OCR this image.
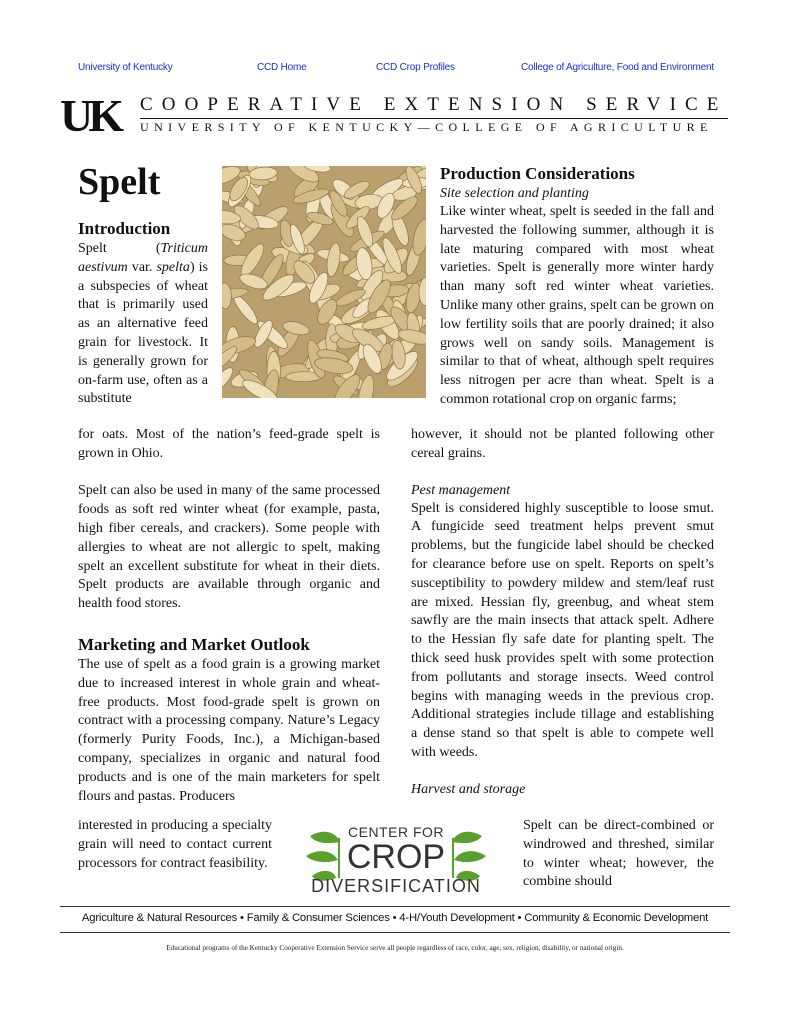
University of Kentucky	CCD Home	CCD Crop Profiles	College of Agriculture, Food and Environment
UK COOPERATIVE EXTENSION SERVICE
UNIVERSITY OF KENTUCKY—COLLEGE OF AGRICULTURE
Spelt
Introduction

Spelt (Triticum aestivum var. spelta) is a subspecies of wheat that is primarily used as an alternative feed grain for livestock. It is generally grown for on-farm use, often as a substitute

for oats. Most of the nation’s feed-grade spelt is grown in Ohio.

Spelt can also be used in many of the same processed foods as soft red winter wheat (for example, pasta, high fiber cereals, and crackers). Some people with allergies to wheat are not allergic to spelt, making spelt an excellent substitute for wheat in their diets. Spelt products are available through organic and health food stores.

Marketing and Market Outlook

The use of spelt as a food grain is a growing market due to increased interest in whole grain and wheat-free products. Most food-grade spelt is grown on contract with a processing company. Nature’s Legacy (formerly Purity Foods, Inc.), a Michigan-based company, specializes in organic and natural food products and is one of the main marketers for spelt flours and pastas. Producers

interested in producing a specialty grain will need to contact current processors for contract feasibility.

Production Considerations
Site selection and planting

Like winter wheat, spelt is seeded in the fall and harvested the following summer, although it is late maturing compared with most wheat varieties. Spelt is generally more winter hardy than many soft red winter wheat varieties. Unlike many other grains, spelt can be grown on low fertility soils that are poorly drained; it also grows well on sandy soils. Management is similar to that of wheat, although spelt requires less nitrogen per acre than wheat. Spelt is a common rotational crop on organic farms;

however, it should not be planted following other cereal grains.

Pest management

Spelt is considered highly susceptible to loose smut. A fungicide seed treatment helps prevent smut problems, but the fungicide label should be checked for clearance before use on spelt. Reports on spelt’s susceptibility to powdery mildew and stem/leaf rust are mixed. Hessian fly, greenbug, and wheat stem sawfly are the main insects that attack spelt. Adhere to the Hessian fly safe date for planting spelt. The thick seed husk provides spelt with some protection from pollutants and storage insects. Weed control begins with managing weeds in the previous crop. Additional strategies include tillage and establishing a dense stand so that spelt is able to compete well with weeds.

Harvest and storage

Spelt can be direct-combined or windrowed and threshed, similar to winter wheat; however, the combine should

CENTER FOR
CROP
DIVERSIFICATION
Agriculture & Natural Resources • Family & Consumer Sciences • 4-H/Youth Development • Community & Economic Development
Educational programs of the Kentucky Cooperative Extension Service serve all people regardless of race, color, age, sex, religion, disability, or national origin.
